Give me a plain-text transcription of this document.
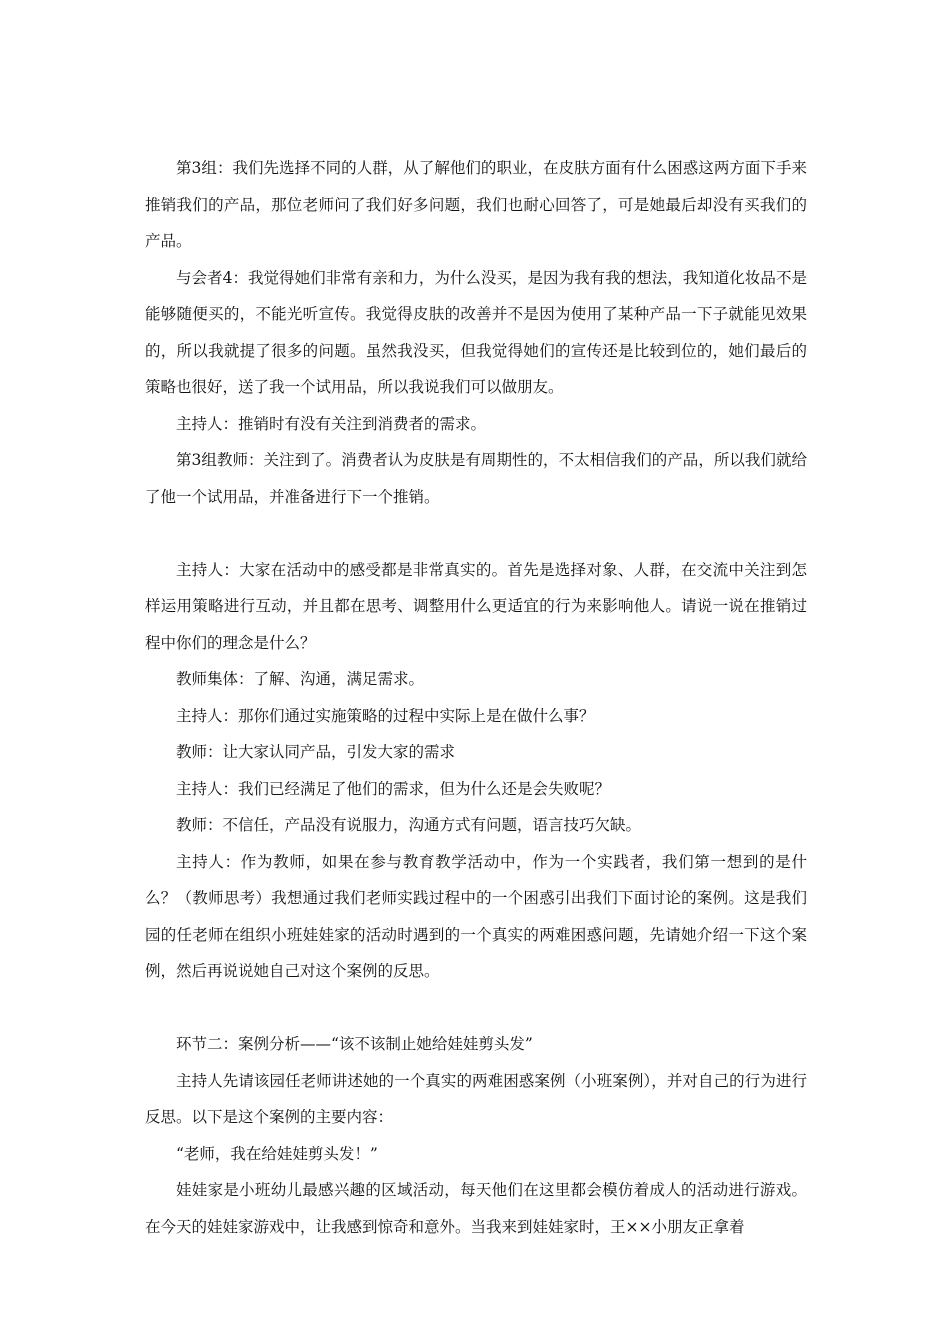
第3组：我们先选择不同的人群，从了解他们的职业，在皮肤方面有什么困惑这两方面下手来推销我们的产品，那位老师问了我们好多问题，我们也耐心回答了，可是她最后却没有买我们的产品。

与会者4：我觉得她们非常有亲和力，为什么没买，是因为我有我的想法，我知道化妆品不是能够随便买的，不能光听宣传。我觉得皮肤的改善并不是因为使用了某种产品一下子就能见效果的，所以我就提了很多的问题。虽然我没买，但我觉得她们的宣传还是比较到位的，她们最后的策略也很好，送了我一个试用品，所以我说我们可以做朋友。

主持人：推销时有没有关注到消费者的需求。

第3组教师：关注到了。消费者认为皮肤是有周期性的，不太相信我们的产品，所以我们就给了他一个试用品，并准备进行下一个推销。

主持人：大家在活动中的感受都是非常真实的。首先是选择对象、人群，在交流中关注到怎样运用策略进行互动，并且都在思考、调整用什么更适宜的行为来影响他人。请说一说在推销过程中你们的理念是什么？

教师集体：了解、沟通，满足需求。

主持人：那你们通过实施策略的过程中实际上是在做什么事？

教师：让大家认同产品，引发大家的需求

主持人：我们已经满足了他们的需求，但为什么还是会失败呢？

教师：不信任，产品没有说服力，沟通方式有问题，语言技巧欠缺。

主持人：作为教师，如果在参与教育教学活动中，作为一个实践者，我们第一想到的是什么？（教师思考）我想通过我们老师实践过程中的一个困惑引出我们下面讨论的案例。这是我们园的任老师在组织小班娃娃家的活动时遇到的一个真实的两难困惑问题，先请她介绍一下这个案例，然后再说说她自己对这个案例的反思。

环节二：案例分析——“该不该制止她给娃娃剪头发”

主持人先请该园任老师讲述她的一个真实的两难困惑案例（小班案例），并对自己的行为进行反思。以下是这个案例的主要内容：

“老师，我在给娃娃剪头发！”

娃娃家是小班幼儿最感兴趣的区域活动，每天他们在这里都会模仿着成人的活动进行游戏。在今天的娃娃家游戏中，让我感到惊奇和意外。当我来到娃娃家时，王××小朋友正拿着
